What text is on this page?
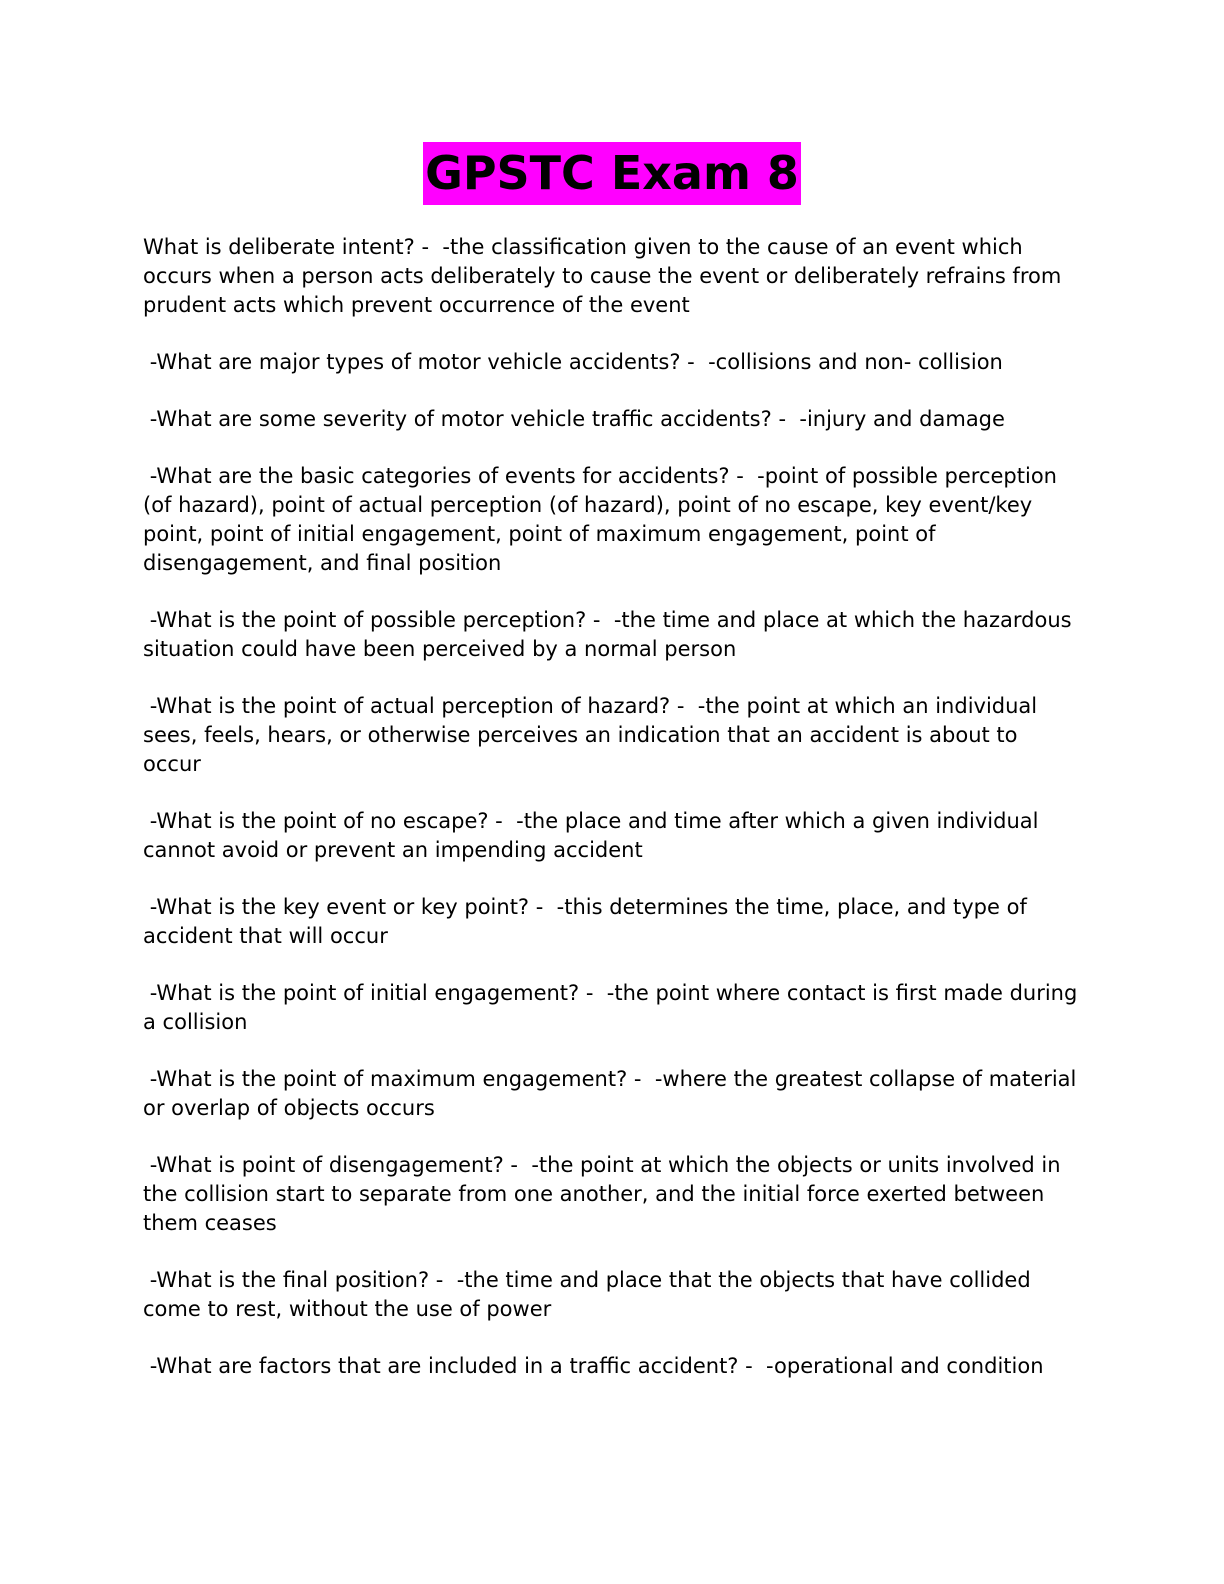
GPSTC Exam 8

What is deliberate intent? -  -the classification given to the cause of an event which occurs when a person acts deliberately to cause the event or deliberately refrains from prudent acts which prevent occurrence of the event

-What are major types of motor vehicle accidents? -  -collisions and non- collision

-What are some severity of motor vehicle traffic accidents? -  -injury and damage

-What are the basic categories of events for accidents? -  -point of possible perception (of hazard), point of actual perception (of hazard), point of no escape, key event/key point, point of initial engagement, point of maximum engagement, point of disengagement, and final position

-What is the point of possible perception? -  -the time and place at which the hazardous situation could have been perceived by a normal person

-What is the point of actual perception of hazard? -  -the point at which an individual sees, feels, hears, or otherwise perceives an indication that an accident is about to occur

-What is the point of no escape? -  -the place and time after which a given individual cannot avoid or prevent an impending accident

-What is the key event or key point? -  -this determines the time, place, and type of accident that will occur

-What is the point of initial engagement? -  -the point where contact is first made during a collision

-What is the point of maximum engagement? -  -where the greatest collapse of material or overlap of objects occurs

-What is point of disengagement? -  -the point at which the objects or units involved in the collision start to separate from one another, and the initial force exerted between them ceases

-What is the final position? -  -the time and place that the objects that have collided come to rest, without the use of power

-What are factors that are included in a traffic accident? -  -operational and condition
